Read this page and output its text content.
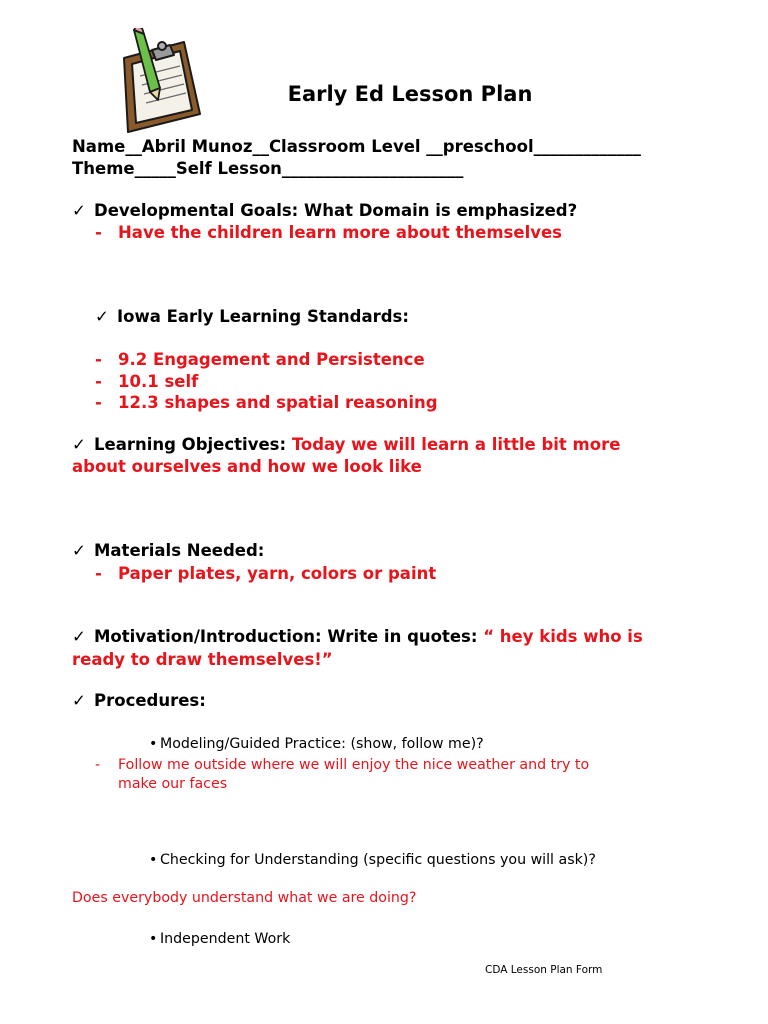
Early Ed Lesson Plan
Name__Abril Munoz__Classroom Level __preschool_____________
Theme_____Self Lesson______________________
✓ Developmental Goals: What Domain is emphasized?
- Have the children learn more about themselves
✓ Iowa Early Learning Standards:
- 9.2 Engagement and Persistence
- 10.1 self
- 12.3 shapes and spatial reasoning
✓ Learning Objectives: Today we will learn a little bit more
about ourselves and how we look like
✓ Materials Needed:
- Paper plates, yarn, colors or paint
✓ Motivation/Introduction: Write in quotes: “ hey kids who is
ready to draw themselves!”
✓ Procedures:
• Modeling/Guided Practice: (show, follow me)?
- Follow me outside where we will enjoy the nice weather and try to
make our faces
• Checking for Understanding (specific questions you will ask)?
Does everybody understand what we are doing?
• Independent Work
CDA Lesson Plan Form
